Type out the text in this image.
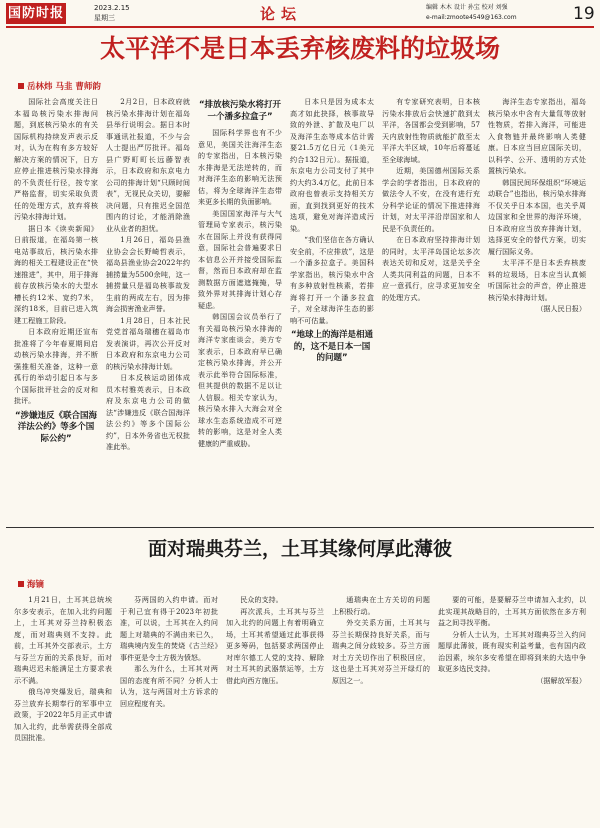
国防时报	2023.2.15
星期三	论坛	编辑 木木 设计 孙宝 校对 刘强
e-mail:zmoote4549@163.com	19
太平洋不是日本丢弃核废料的垃圾场
岳林炜 马韭 曹师韵

国际社会高度关注日本福岛核污染水排海问题，到底核污染水的有关国际机构持续发声表示反对，认为在构有多方较好解决方案的情况下，日方应停止推进核污染水排海的不负责任行径，按专家严格监督，切实采取负责任的处理方式，放弃将核污染水排海计划。

据日本《读卖新闻》日前报道，在福岛第一核电站事故后，核污染水排海的相关工程建设正在“快速推进”，其中，用于排海前存放核污染水的大型水槽长约12米、宽约7米，深约18米，目前已进入筑建工程施工阶段。

日本政府近期还宣布批准将了今年春夏期间启动核污染水排海，并不断强推相关准备，这种一意孤行的举动引起日本与多个国际批评社会的反对和批评。

“涉嫌违反《联合国海洋法公约》等多个国际公约”

2月2日，日本政府就核污染水排海计划在福岛县举行说明会。据日本时事通讯社报道，不少与会人士提出严厉批评。福岛县广野町町长远藤智表示，日本政府和东京电力公司的排海计划“只顾时间表”，无视民众关切，要解决问题，只有推迟全国范围内的讨论，才能消除渔业从业者的担忧。

1月26日，福岛县渔业协会会长野崎哲表示，福岛县渔业协会2022年约捕捞量为5500余吨，这一捕捞量只是福岛核事故发生前的两成左右，因为排海会损害渔业声誉。

1月28日，日本社民党党首福岛瑞穗在福岛市发表演讲，再次公开反对日本政府和东京电力公司的核污染水排海计划。

日本反核运动团体成员木村雅英表示，日本政府及东京电力公司的做法“涉嫌违反《联合国海洋法公约》等多个国际公约”，日本外务省也无权批准此举。

“排放核污染水将打开一个潘多拉盒子”

国际科学界也有不少意见，美国关注海洋生态的专家指出，日本核污染水排海是无法逆转的，而对海洋生态的影响无法预估，将为全球海洋生态带来更多长期的负面影响。

美国国家海洋与大气管理局专家表示，核污染水在国际上并没有获得同意，国际社会普遍要求日本信息公开并接受国际监督，然而日本政府却在监测数据方面遮遮掩掩，导致外界对其排海计划心存疑虑。

韩国国会议员举行了有关福岛核污染水排海的海洋专家座谈会，美方专家表示，日本政府早已确定核污染水排海，并公开表示此举符合国际标准，但其提供的数据不足以让人信服。相关专家认为，核污染水排入大海会对全球水生态系统造成不可逆转的影响，这是对全人类健康的严重威胁。

日本只是因为成本太高才如此抉择，核事故导致的外泄、扩散及电厂以及海洋生态等成本估计需要21.5万亿日元（1美元约合132日元）。据报道，东京电力公司支付了其中约大约3.4万亿，此前日本政府也曾表示支持相关方面，直到找到更好的技术选项，避免对海洋造成污染。

“我们坚信在各方确认安全前，不应排放”，这是一个潘多拉盒子。美国科学家指出，核污染水中含有多种放射性核素，若排海将打开一个潘多拉盒子，对全球海洋生态的影响不可估量。

“地球上的海洋是相通的，这不是日本一国的问题”

有专家研究表明，日本核污染水排放后会快速扩散到太平洋，各国都会受到影响，57天内放射性物质就能扩散至太平洋大半区域，10年后将蔓延至全球海域。

近期，美国德州国际关系学会的学者指出，日本政府的做法令人不安，在没有进行充分科学论证的情况下推进排海计划，对太平洋沿岸国家和人民是不负责任的。

在日本政府坚持排海计划的同时，太平洋岛国论坛多次表达关切和反对，这是关乎全人类共同利益的问题，日本不应一意孤行，应寻求更加安全的处理方式。

海洋生态专家指出，福岛核污染水中含有大量氚等放射性物质，若排入海洋，可能进入食物链并最终影响人类健康。日本应当回应国际关切，以科学、公开、透明的方式处置核污染水。

韩国民间环保组织“环境运动联合”也指出，核污染水排海不仅关乎日本本国，也关乎周边国家和全世界的海洋环境，日本政府应当放弃排海计划，选择更安全的替代方案，切实履行国际义务。

太平洋不是日本丢弃核废料的垃圾场，日本应当认真倾听国际社会的声音，停止推进核污染水排海计划。

（据人民日报）

面对瑞典芬兰，土耳其缘何厚此薄彼
海镝

1月21日，土耳其总统埃尔多安表示，在加入北约问题上，土耳其对芬兰持积极态度，而对瑞典则不支持。此前，土耳其外交部表示，土方与芬兰方面的关系良好，而对瑞典迟迟未能满足土方要求表示不满。

俄乌冲突爆发后，瑞典和芬兰放弃长期奉行的军事中立政策，于2022年5月正式申请加入北约，此举需获得全部成员国批准。

芬两国的入约申请。而对于利己宜有得于2023年初批准，可以说，土耳其在入约问题上对瑞典的不满由来已久，瑞典境内发生的焚烧《古兰经》事件更是令土方极为愤怒。

那么为什么，土耳其对两国的态度有所不同？分析人士认为，这与两国对土方诉求的回应程度有关。

民众的支持。

再次派兵，土耳其与芬兰加入北约的问题上有着明确立场，土耳其希望通过此事获得更多筹码，包括要求两国停止对库尔德工人党的支持、解除对土耳其的武器禁运等，土方借此向西方施压。

通瑞典在土方关切的问题上积极行动。

外交关系方面，土耳其与芬兰长期保持良好关系，而与瑞典之间分歧较多。芬兰方面对土方关切作出了积极回应，这也是土耳其对芬兰开绿灯的原因之一。

要的可能，是要解芬兰申请加入北约，以此实现其战略目的，土耳其方面依然在多方利益之间寻找平衡。

分析人士认为，土耳其对瑞典芬兰入约问题厚此薄彼，既有现实利益考量，也有国内政治因素，埃尔多安希望在即将到来的大选中争取更多选民支持。

（据解放军报）
